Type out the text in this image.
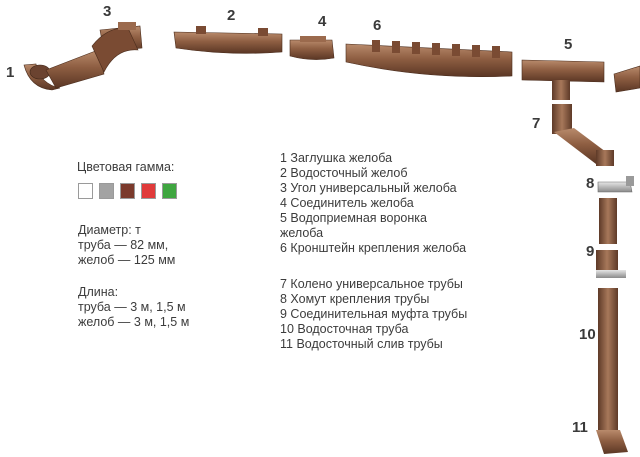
1
2
3
4
5
6
7
8
9
10
11
Цветовая гамма:
Диаметр: т
труба — 82 мм,
желоб — 125 мм
Длина:
труба — 3 м, 1,5 м
желоб — 3 м, 1,5 м
1 Заглушка желоба
2 Водосточный желоб
3 Угол универсальный желоба
4 Соединитель желоба
5 Водоприемная воронка
желоба
6 Кронштейн крепления желоба
7 Колено универсальное трубы
8 Хомут крепления трубы
9 Соединительная муфта трубы
10 Водосточная труба
11 Водосточный слив трубы
